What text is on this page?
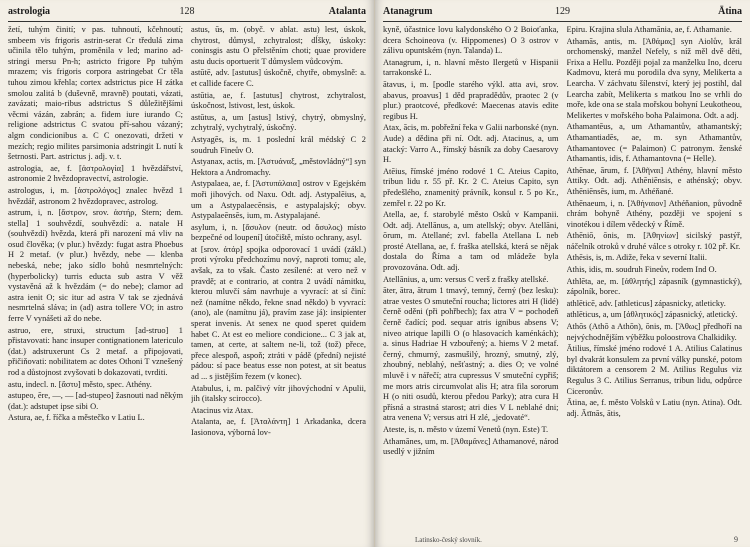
astrologia	128	Atalanta

žetí, tuhým činití; v pas. tuhnoutí, kčehnoutí; smbeem vis frigoris astrin-serat Cr tředulá zima učinila tělo tuhým, proměnila v led; marino ad-stringi mersu Pn-h; astricto frigore Pp tuhým mrazem; vis frigoris corpora astringebat Cr těla tuhou zimou křehla; cortex adstrictus pice H zátka smolou zalitá b (duševně, mravně) poutati, vázati, zavázati; maio-ribus adstrictus S důležitějšími věcmi vázán, zabrán; a. fidem iure iurando C; religione adstrictus C svatou pří-sahou vázaný; algm condicionibus a. C C onezovati, držeti v mezích; regio milites parsimonia adstringit L nutí k šetrnosti. Part. astrictus j. adj. v. t.

astrologia, ae, f. [ἀστρολογία] 1 hvězdářství, astronomie 2 hvězdopravectví, astrologie.

astrologus, i, m. [ἀστρολόγος] znalec hvězd 1 hvězdář, astronom 2 hvězdopravec, astrolog.

astrum, i, n. [ἄστρον, srov. ἀστήρ, Stern; dem. stella] 1 souhvězdí, souhvězdí: a. natale H (souhvězdí) hvězda, která při narození má vliv na osud člověka; (v plur.) hvězdy: fugat astra Phoebus H 2 metaf. (v plur.) hvězdy, nebe — klenba nebeská, nebe; jako sídlo bohů nesmrtelných: (hyperbolicky) turris educta sub astra V věž vystavěná až k hvězdám (= do nebe); clamor ad astra ienit O; sic itur ad astra V tak se zjednává nesmrtelná sláva; in (ad) astra tollere VO; in astro ferre V vynášeti až do nebe.

astruo, ere, struxi, structum [ad-struo] 1 přistavovati: hanc insuper contignationem latericulo (dat.) adstruxerunt Cs 2 metaf. a připojovati, přičiňovati: nobilitatem ac dotes Othoni T vznešený rod a důstojnost zvyšovati b dokazovati, tvrditi.

astu, indecl. n. [ἄστυ] město, spec. Athény.

astupeo, ēre, —, — [ad-stupeo] žasnouti nad někým (dat.): adstupet ipse sibi O.

Astura, ae, f. říčka a městečko v Latiu L.

astus, ūs, m. (obyč. v ablat. astu) lest, úskok, chytrost, důmysl, zchytralost; dĺšky, úskoky: coninsgis astu O přelstěním choti; quae providere astu ducis oportuerit T důmyslem vůdcovým.

astūtē, adv. [astutus] úskočně, chytře, obmyslně: a. et callide facere C.

astūtia, ae, f. [astutus] chytrost, zchytralost, úskočnost, lstivost, lest, úskok.

astūtus, a, um [astus] lstivý, chytrý, obmyslný, zchytralý, vychytralý, úskočný.

Astyagēs, is, m. 1 poslední král médský C 2 soudruh Fineův O.

Astyanax, actis, m. [Ἀστυάναξ, „městovládný“] syn Hektora a Andromachy.

Astypalaea, ae, f. [Ἀστυπάλαια] ostrov v Egejském moři jihových. od Naxu. Odt. adj. Astypalēius, a, um a Astypalaecēnsis, e astypalajský; obyv. Astypalaeēnsēs, ium, m. Astypalajané.

asylum, i, n. [ἄσυλον (neutr. od ἄσυλος) místo bezpečné od loupení] útočiště, místo ochrany, asyl.

at [srov. ἀτάρ] spojka odporovací 1 uvádí (zákl.) proti výroku předchozímu nový, naproti tomu; ale, avšak, za to však. Často zesílené: at vero než v pravdě; at e contrario, at contra 2 uvádí námitku, kterou mluvčí sám navrhuje a vyvrací: at sí činí: než (namítne někdo, řekne snad někdo) b vyvrací: (ano), ale (namítnu já), pravím zase já): insipienter sperat invenis. At senex ne quod speret quidem habet C. At est eo meliore condicione... C 3 jak at, tamen, at certe, at saltem ne-li, tož (tož) přece, přece alespoň, aspoň; ztráti v pádě (přední) nejisté pádou: sí pace beatus esse non potest, at sit beatus ad ... s jistějším řezem (v konec).

Atabulus, i, m. palčivý vítr jihovýchodní v Apulii, jih (italsky scirocco).

Atacinus viz Atax.

Atalanta, ae, f. [Ἀταλάντη] 1 Arkadanka, dcera Iasionova, výborná lov-

Atanagrum	129	Ātina

kyně, účastnice lovu kalydonského O 2 Boioťanka, dcera Schoineova (v. Hippomenes) O 3 ostrov v zálivu opuntském (nyn. Talanda) L.

Atanagrum, i, n. hlavní město Ilergetů v Hispanii tarrakonské L.

ātavus, i, m. [podle starého výkl. atta avi, srov. abavus, proavus] 1 děd prapradědův, praotec 2 (v plur.) praotcové, předkové: Maecenas atavis edite regibus H.

Atax, ācis, m. pobřežní řeka v Galii narbonské (nyn. Aude) a dědina při ní. Odt. adj. Atacinus, a, um atacký: Varro A., římský básník za doby Caesarovy H.

Atēius, římské jméno rodové 1 C. Ateius Capito, tribun lidu r. 55 př. Kr. 2 C. Ateius Capito, syn předešlého, znamenitý právník, konsul r. 5 po Kr., zemřel r. 22 po Kr.

Atella, ae, f. starobylé město Osků v Kampanii. Odt. adj. Atellānus, a, um atellský; obyv. Atellāni, ōrum, m. Atellané; zvl. fabella Atellana L neb prosté Atellana, ae, f. fraška atellská, která se nějak dostala do Říma a tam od mládeže byla provozována. Odt. adj.

Atellānius, a, um: versus C verš z frašky atellské.

āter, ātra, ātrum 1 tmavý, temný, černý (bez lesku): atrae vestes O smuteční roucha; lictores atri H (lidé) černě oděni (při pohřbech); fax atra V = pochodeň černě čadící; pod. sequar atris ignibus absens V; niveo atrique lapilli O (o hlasovacích kaménkách); a. sinus Hadriae H vzbouřený; a. hiems V 2 metaf. černý, chmurný, zasmušilý, hrozný, smutný, zlý, zhoubný, neblahý, nešťastný; a. dies O; ve volné mluvě i v nářečí; atra cupressus V smuteční cypřiš; me mors atris circumvolat alis H; atra fila sororum H (o niti osudů, kterou předou Parky); atra cura H přísná a strastná starost; atri dies V L neblahé dni; atra venena V; versus atri H zlé, „jedovaté“.

Ateste, is, n. město v území Venetů (nyn. Este) T.

Athamānes, um, m. [Ἀθαμᾶνες] Athamanové, národ usedlý v jižním

Epiru. Krajina slula Athamānia, ae, f. Athamanie.

Athamās, antis, m. [Ἀθάμας] syn Aiolův, král orchomenský, manžel Nefely, s níž měl dvě děti, Frixa a Hellu. Později pojal za manželku Ino, dceru Kadmovu, která mu porodila dva syny, Melikerta a Learcha. V záchvatu šílenství, který jej postihl, dal Learcha zabít, Melikerta s matkou Ino se vrhli do moře, kde ona se stala mořskou bohyní Leukotheou, Melikertes v mořského boha Palaimona. Odt. a adj.

Athamantēus, a, um Athamantův, athamantský; Athamantiadēs, ae, m. syn Athamantův, Athamantovec (= Palaimon) C patronym. ženské Athamantis, idis, f. Athamantovna (= Helle).

Athēnae, ārum, f. [Ἀθῆναι] Athény, hlavní město Attiky. Odt. adj. Athēniēnsis, e athénský; obyv. Athēniēnsēs, ium, m. Athéňané.

Athēnaeum, i, n. [Ἀθήναιον] Athéňanion, původně chrám bohyně Athény, později ve spojení s vinotékou i dílem vědecký v Římě.

Athēniō, ōnis, m. [Ἀθηνίων] sicilský pastýř, náčelník otroků v druhé válce s otroky r. 102 př. Kr.

Athēsis, is, m. Adiže, řeka v severní Italii.

Athis, idis, m. soudruh Fineův, rodem Ind O.

Athlēta, ae, m. [ἀθλητής] zápasník (gymnastický), zápolník, borec.

athlēticē, adv. [athleticus] zápasnicky, atleticky.

athlēticus, a, um [ἀθλητικός] zápasnický, atletický.

Athōs (Athō a Athōn), ōnis, m. [Ἄθως] předhoří na nejvýchodnějším výběžku poloostrova Chalkidiky.

Ātilius, římské jméno rodové 1 A. Atilius Calatinus byl dvakrát konsulem za první války punské, potom diktátorem a censorem 2 M. Atilius Regulus viz Regulus 3 C. Atilius Serranus, tribun lidu, odpůrce Ciceronův.

Ātina, ae, f. město Volsků v Latiu (nyn. Atina). Odt. adj. Ātīnās, ātis,

Latinsko-český slovník.	9
